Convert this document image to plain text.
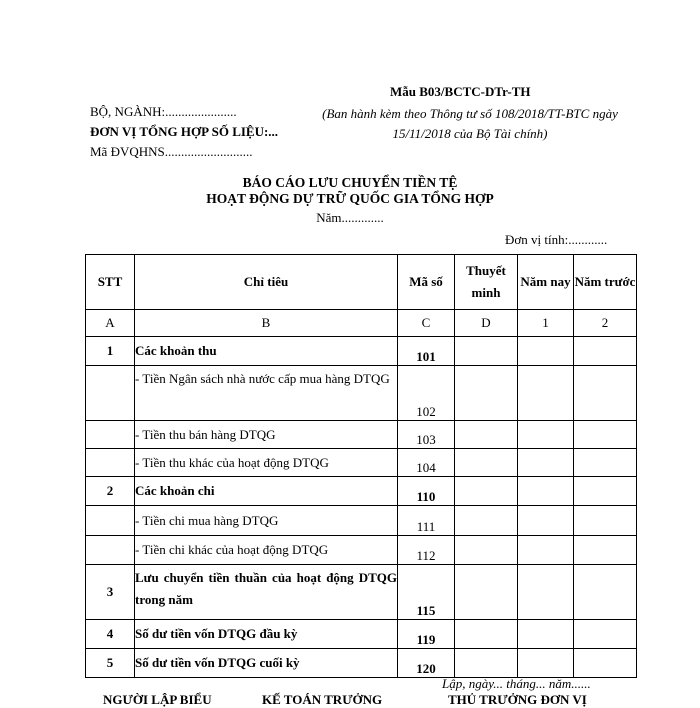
Mẫu B03/BCTC-DTr-TH
(Ban hành kèm theo Thông tư số 108/2018/TT-BTC ngày 15/11/2018 của Bộ Tài chính)
BỘ, NGÀNH:......................
ĐƠN VỊ TỔNG HỢP SỐ LIỆU:...
Mã ĐVQHNS...........................
BÁO CÁO LƯU CHUYỂN TIỀN TỆ
HOẠT ĐỘNG DỰ TRỮ QUỐC GIA TỔNG HỢP
Năm.............
Đơn vị tính:............
STT	Chỉ tiêu	Mã số	Thuyết minh	Năm nay	Năm trước
A	B	C	D	1	2
1	Các khoản thu	101			
	- Tiền Ngân sách nhà nước cấp mua hàng DTQG	102			
	- Tiền thu bán hàng DTQG	103			
	- Tiền thu khác của hoạt động DTQG	104			
2	Các khoản chi	110			
	- Tiền chi mua hàng DTQG	111			
	- Tiền chi khác của hoạt động DTQG	112			
3	Lưu chuyển tiền thuần của hoạt động DTQG trong năm	115			
4	Số dư tiền vốn DTQG đầu kỳ	119			
5	Số dư tiền vốn DTQG cuối kỳ	120			
Lập, ngày... tháng... năm......
NGƯỜI LẬP BIỂU	KẾ TOÁN TRƯỞNG	THỦ TRƯỞNG ĐƠN VỊ
